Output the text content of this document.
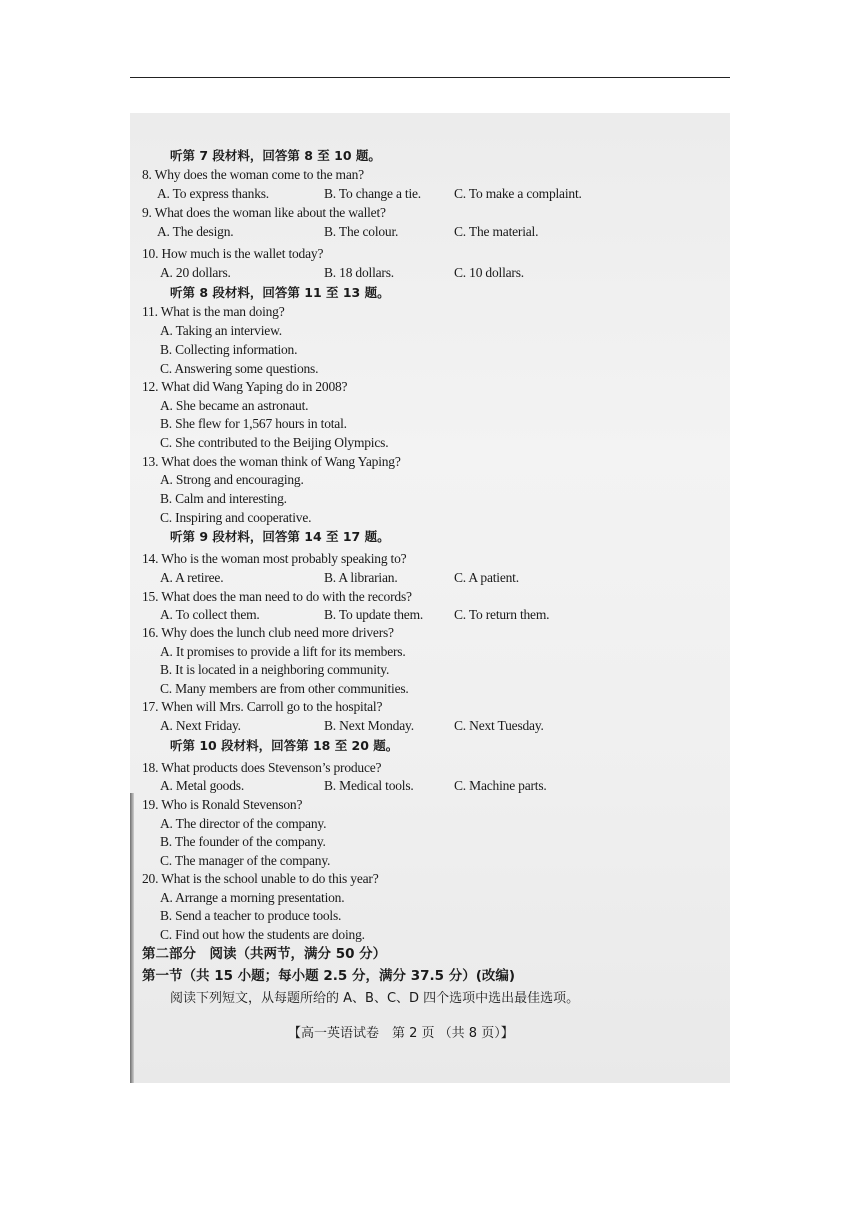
听第 7 段材料，回答第 8 至 10 题。
8. Why does the woman come to the man?
A. To express thanks.	B. To change a tie. C. To make a complaint.
9. What does the woman like about the wallet?
A. The design.	B. The colour.	C. The material.
10. How much is the wallet today?
A. 20 dollars.	B. 18 dollars.	C. 10 dollars.
听第 8 段材料，回答第 11 至 13 题。
11. What is the man doing?
A. Taking an interview.
B. Collecting information.
C. Answering some questions.
12. What did Wang Yaping do in 2008?
A. She became an astronaut.
B. She flew for 1,567 hours in total.
C. She contributed to the Beijing Olympics.
13. What does the woman think of Wang Yaping?
A. Strong and encouraging.
B. Calm and interesting.
C. Inspiring and cooperative.
听第 9 段材料，回答第 14 至 17 题。
14. Who is the woman most probably speaking to?
A. A retiree.	B. A librarian.	C. A patient.
15. What does the man need to do with the records?
A. To collect them.	B. To update them. C. To return them.
16. Why does the lunch club need more drivers?
A. It promises to provide a lift for its members.
B. It is located in a neighboring community.
C. Many members are from other communities.
17. When will Mrs. Carroll go to the hospital?
A. Next Friday.	B. Next Monday.	C. Next Tuesday.
听第 10 段材料，回答第 18 至 20 题。
18. What products does Stevenson’s produce?
A. Metal goods.	B. Medical tools.	C. Machine parts.
19. Who is Ronald Stevenson?
A. The director of the company.
B. The founder of the company.
C. The manager of the company.
20. What is the school unable to do this year?
A. Arrange a morning presentation.
B. Send a teacher to produce tools.
C. Find out how the students are doing.
第二部分　阅读（共两节，满分 50 分）
第一节（共 15 小题；每小题 2.5 分，满分 37.5 分）(改编)
阅读下列短文，从每题所给的 A、B、C、D 四个选项中选出最佳选项。
【高一英语试卷　第 2 页 （共 8 页）】
